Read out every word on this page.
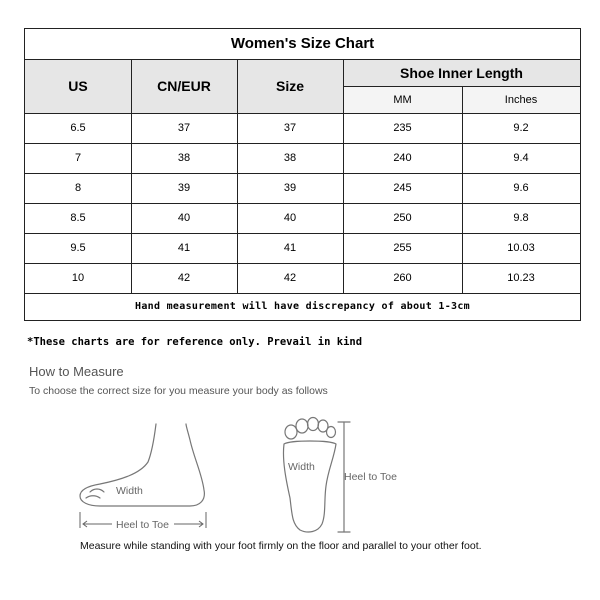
Women's Size Chart
US	CN/EUR	Size
Shoe Inner Length
MM	Inches
6.5	37	37	235	9.2
7	38	38	240	9.4
8	39	39	245	9.6
8.5	40	40	250	9.8
9.5	41	41	255	10.03
10	42	42	260	10.23
Hand measurement will have discrepancy of about 1-3cm
*These charts are for reference only. Prevail in kind
How to Measure
To choose the correct size for you measure your body as follows
Width
Heel to Toe
Width
Heel to Toe
Measure while standing with your foot firmly on the floor and parallel to your other foot.
